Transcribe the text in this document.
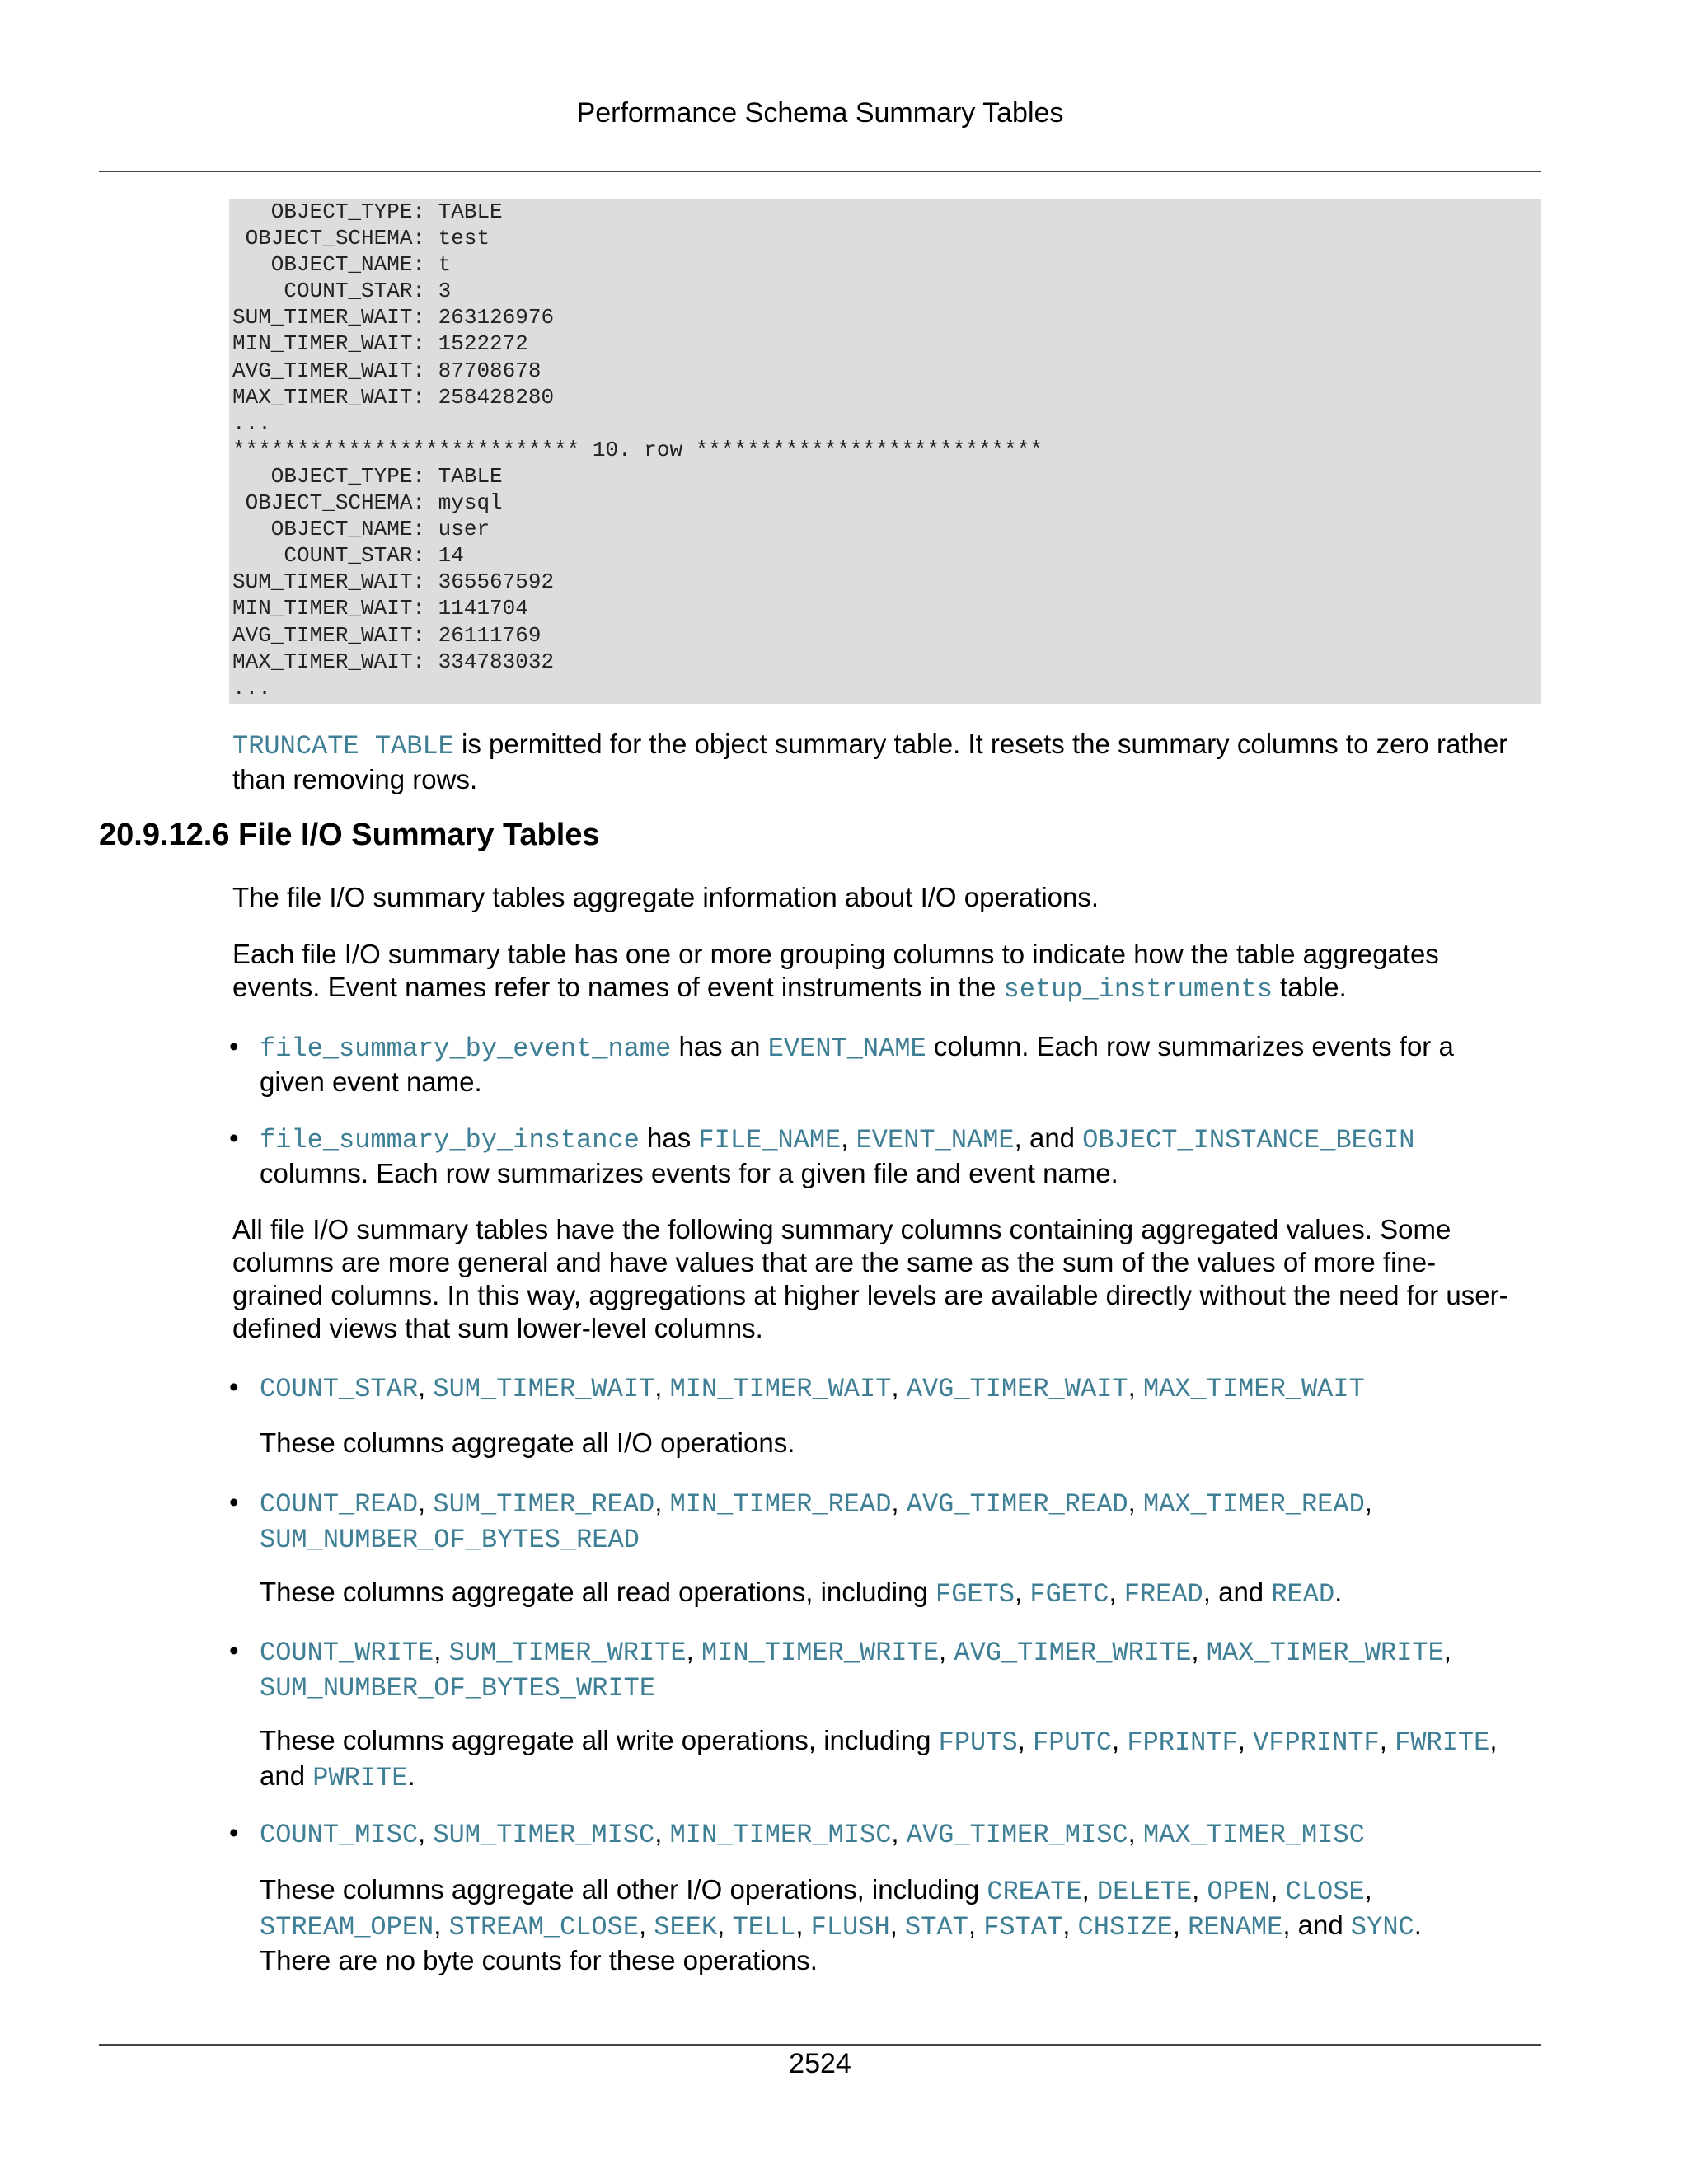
Performance Schema Summary Tables
OBJECT_TYPE: TABLE
OBJECT_SCHEMA: test
OBJECT_NAME: t
COUNT_STAR: 3
SUM_TIMER_WAIT: 263126976
MIN_TIMER_WAIT: 1522272
AVG_TIMER_WAIT: 87708678
MAX_TIMER_WAIT: 258428280
...
*************************** 10. row ***************************
OBJECT_TYPE: TABLE
OBJECT_SCHEMA: mysql
OBJECT_NAME: user
COUNT_STAR: 14
SUM_TIMER_WAIT: 365567592
MIN_TIMER_WAIT: 1141704
AVG_TIMER_WAIT: 26111769
MAX_TIMER_WAIT: 334783032
...

TRUNCATE TABLE is permitted for the object summary table. It resets the summary columns to zero rather
than removing rows.

20.9.12.6 File I/O Summary Tables

The file I/O summary tables aggregate information about I/O operations.

Each file I/O summary table has one or more grouping columns to indicate how the table aggregates
events. Event names refer to names of event instruments in the setup_instruments table.

• file_summary_by_event_name has an EVENT_NAME column. Each row summarizes events for a
given event name.

• file_summary_by_instance has FILE_NAME, EVENT_NAME, and OBJECT_INSTANCE_BEGIN
columns. Each row summarizes events for a given file and event name.

All file I/O summary tables have the following summary columns containing aggregated values. Some
columns are more general and have values that are the same as the sum of the values of more fine-
grained columns. In this way, aggregations at higher levels are available directly without the need for user-
defined views that sum lower-level columns.

• COUNT_STAR, SUM_TIMER_WAIT, MIN_TIMER_WAIT, AVG_TIMER_WAIT, MAX_TIMER_WAIT

These columns aggregate all I/O operations.

• COUNT_READ, SUM_TIMER_READ, MIN_TIMER_READ, AVG_TIMER_READ, MAX_TIMER_READ,
SUM_NUMBER_OF_BYTES_READ

These columns aggregate all read operations, including FGETS, FGETC, FREAD, and READ.

• COUNT_WRITE, SUM_TIMER_WRITE, MIN_TIMER_WRITE, AVG_TIMER_WRITE, MAX_TIMER_WRITE,
SUM_NUMBER_OF_BYTES_WRITE

These columns aggregate all write operations, including FPUTS, FPUTC, FPRINTF, VFPRINTF, FWRITE,
and PWRITE.

• COUNT_MISC, SUM_TIMER_MISC, MIN_TIMER_MISC, AVG_TIMER_MISC, MAX_TIMER_MISC

These columns aggregate all other I/O operations, including CREATE, DELETE, OPEN, CLOSE,
STREAM_OPEN, STREAM_CLOSE, SEEK, TELL, FLUSH, STAT, FSTAT, CHSIZE, RENAME, and SYNC.
There are no byte counts for these operations.

2524
